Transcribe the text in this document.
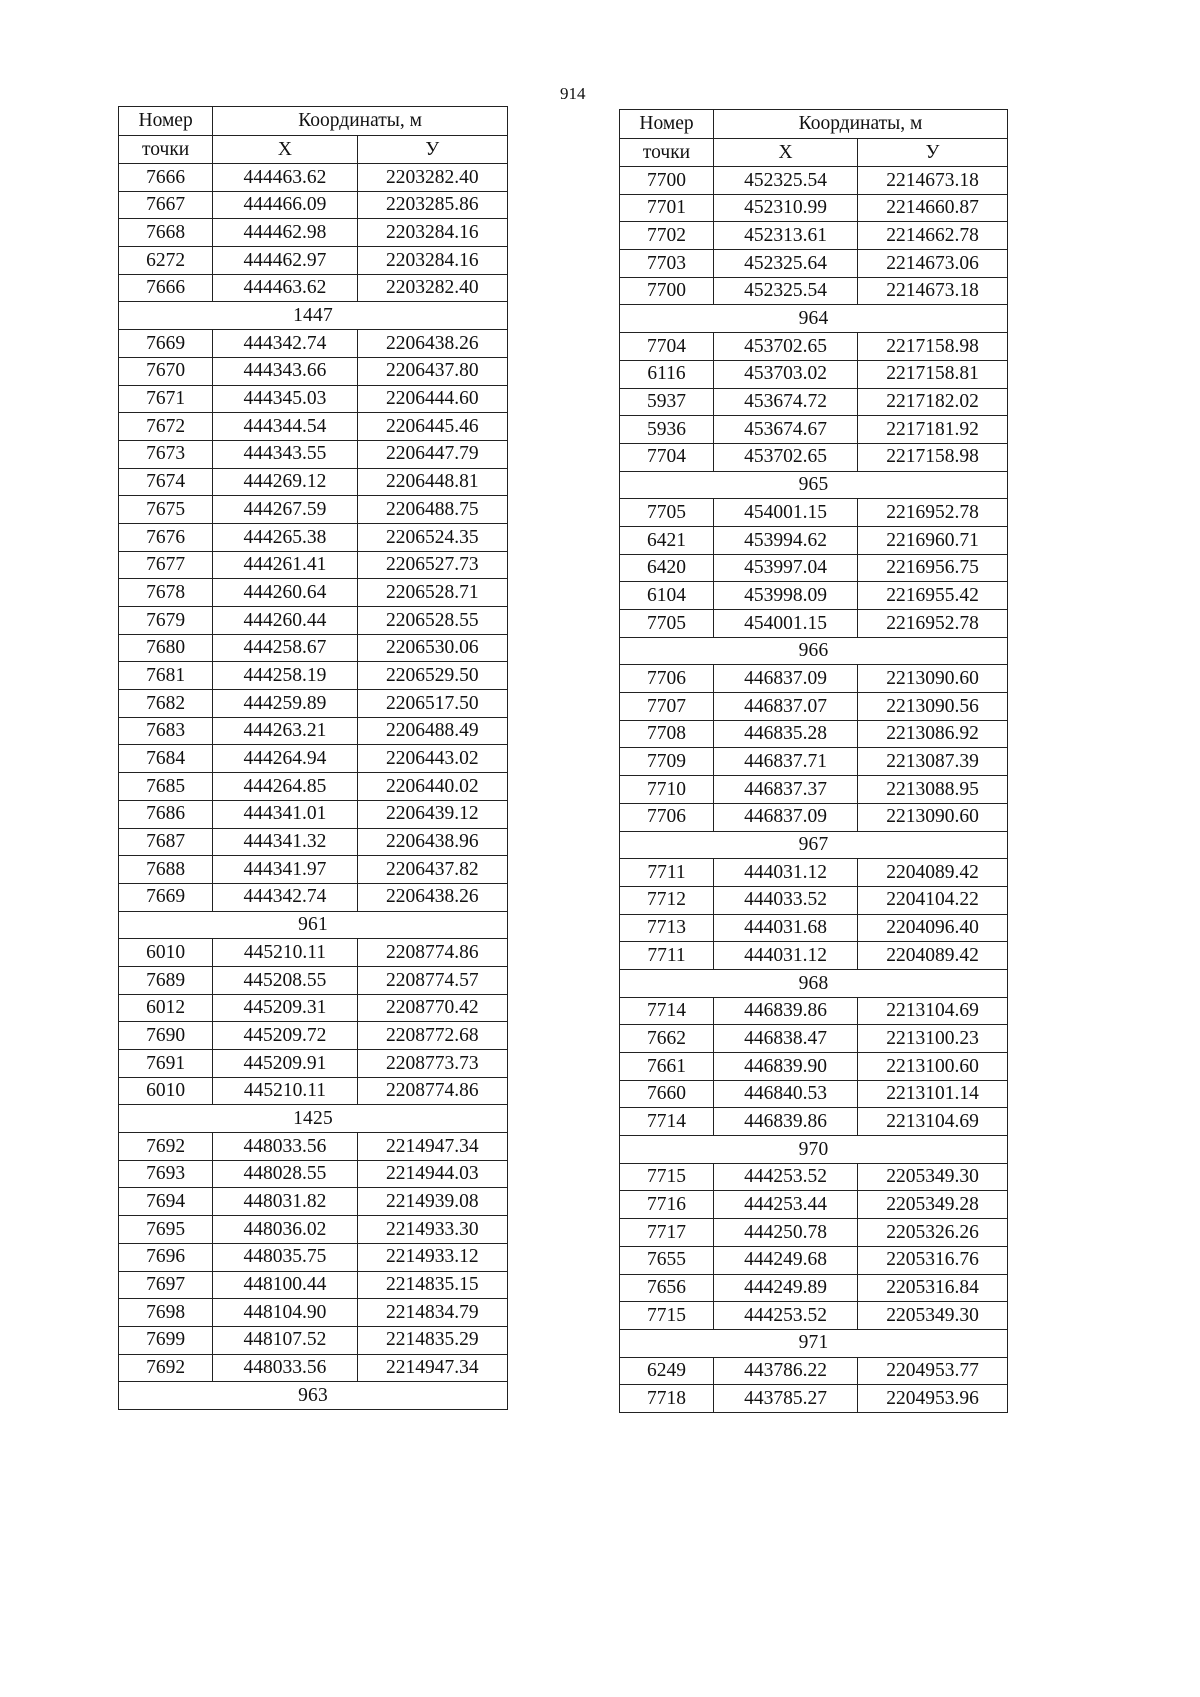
914
Номер	Координаты, м	
точки	Х	У
7666	444463.62	2203282.40
7667	444466.09	2203285.86
7668	444462.98	2203284.16
6272	444462.97	2203284.16
7666	444463.62	2203282.40
1447		
7669	444342.74	2206438.26
7670	444343.66	2206437.80
7671	444345.03	2206444.60
7672	444344.54	2206445.46
7673	444343.55	2206447.79
7674	444269.12	2206448.81
7675	444267.59	2206488.75
7676	444265.38	2206524.35
7677	444261.41	2206527.73
7678	444260.64	2206528.71
7679	444260.44	2206528.55
7680	444258.67	2206530.06
7681	444258.19	2206529.50
7682	444259.89	2206517.50
7683	444263.21	2206488.49
7684	444264.94	2206443.02
7685	444264.85	2206440.02
7686	444341.01	2206439.12
7687	444341.32	2206438.96
7688	444341.97	2206437.82
7669	444342.74	2206438.26
961		
6010	445210.11	2208774.86
7689	445208.55	2208774.57
6012	445209.31	2208770.42
7690	445209.72	2208772.68
7691	445209.91	2208773.73
6010	445210.11	2208774.86
1425		
7692	448033.56	2214947.34
7693	448028.55	2214944.03
7694	448031.82	2214939.08
7695	448036.02	2214933.30
7696	448035.75	2214933.12
7697	448100.44	2214835.15
7698	448104.90	2214834.79
7699	448107.52	2214835.29
7692	448033.56	2214947.34
963		
Номер	Координаты, м	
точки	Х	У
7700	452325.54	2214673.18
7701	452310.99	2214660.87
7702	452313.61	2214662.78
7703	452325.64	2214673.06
7700	452325.54	2214673.18
964		
7704	453702.65	2217158.98
6116	453703.02	2217158.81
5937	453674.72	2217182.02
5936	453674.67	2217181.92
7704	453702.65	2217158.98
965		
7705	454001.15	2216952.78
6421	453994.62	2216960.71
6420	453997.04	2216956.75
6104	453998.09	2216955.42
7705	454001.15	2216952.78
966		
7706	446837.09	2213090.60
7707	446837.07	2213090.56
7708	446835.28	2213086.92
7709	446837.71	2213087.39
7710	446837.37	2213088.95
7706	446837.09	2213090.60
967		
7711	444031.12	2204089.42
7712	444033.52	2204104.22
7713	444031.68	2204096.40
7711	444031.12	2204089.42
968		
7714	446839.86	2213104.69
7662	446838.47	2213100.23
7661	446839.90	2213100.60
7660	446840.53	2213101.14
7714	446839.86	2213104.69
970		
7715	444253.52	2205349.30
7716	444253.44	2205349.28
7717	444250.78	2205326.26
7655	444249.68	2205316.76
7656	444249.89	2205316.84
7715	444253.52	2205349.30
971		
6249	443786.22	2204953.77
7718	443785.27	2204953.96
